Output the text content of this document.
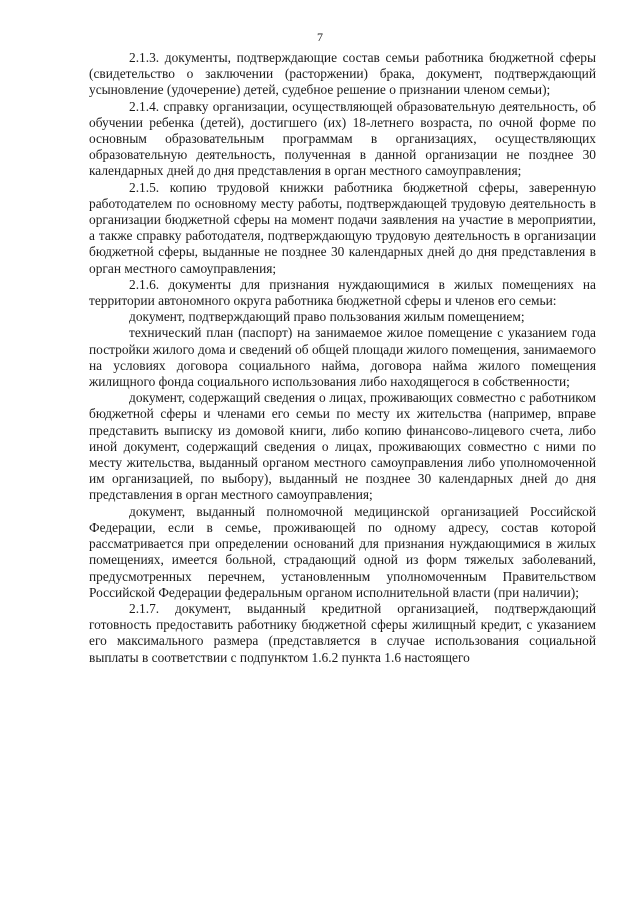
7

2.1.3. документы, подтверждающие состав семьи работника бюджетной сферы (свидетельство о заключении (расторжении) брака, документ, подтверждающий усыновление (удочерение) детей, судебное решение о признании членом семьи);

2.1.4. справку организации, осуществляющей образовательную деятельность, об обучении ребенка (детей), достигшего (их) 18-летнего возраста, по очной форме по основным образовательным программам в организациях, осуществляющих образовательную деятельность, полученная в данной организации не позднее 30 календарных дней до дня представления в орган местного самоуправления;

2.1.5. копию трудовой книжки работника бюджетной сферы, заверенную работодателем по основному месту работы, подтверждающей трудовую деятельность в организации бюджетной сферы на момент подачи заявления на участие в мероприятии, а также справку работодателя, подтверждающую трудовую деятельность в организации бюджетной сферы, выданные не позднее 30 календарных дней до дня представления в орган местного самоуправления;

2.1.6. документы для признания нуждающимися в жилых помещениях на территории автономного округа работника бюджетной сферы и членов его семьи:

документ, подтверждающий право пользования жилым помещением;

технический план (паспорт) на занимаемое жилое помещение с указанием года постройки жилого дома и сведений об общей площади жилого помещения, занимаемого на условиях договора социального найма, договора найма жилого помещения жилищного фонда социального использования либо находящегося в собственности;

документ, содержащий сведения о лицах, проживающих совместно с работником бюджетной сферы и членами его семьи по месту их жительства (например, вправе представить выписку из домовой книги, либо копию финансово-лицевого счета, либо иной документ, содержащий сведения о лицах, проживающих совместно с ними по месту жительства, выданный органом местного самоуправления либо уполномоченной им организацией, по выбору), выданный не позднее 30 календарных дней до дня представления в орган местного самоуправления;

документ, выданный полномочной медицинской организацией Российской Федерации, если в семье, проживающей по одному адресу, состав которой рассматривается при определении оснований для признания нуждающимися в жилых помещениях, имеется больной, страдающий одной из форм тяжелых заболеваний, предусмотренных перечнем, установленным уполномоченным Правительством Российской Федерации федеральным органом исполнительной власти (при наличии);

2.1.7. документ, выданный кредитной организацией, подтверждающий готовность предоставить работнику бюджетной сферы жилищный кредит, с указанием его максимального размера (представляется в случае использования социальной выплаты в соответствии с подпунктом 1.6.2 пункта 1.6 настоящего
